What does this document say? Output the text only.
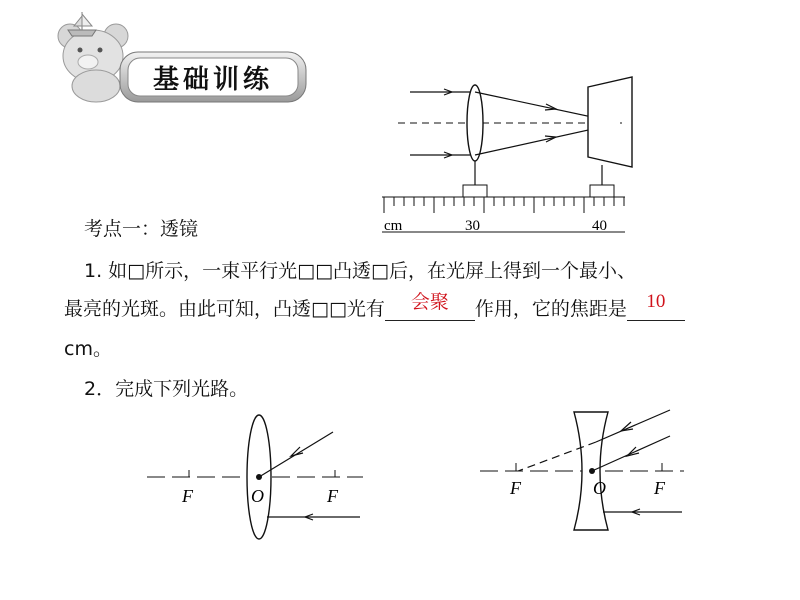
基础训练
cm	30	40
考点一：透镜
1. 如□所示，一束平行光□□凸透□后，在光屏上得到一个最小、
最亮的光斑。由此可知，凸透□□光有	会聚	作用，它的焦距是	10
cm。
2．完成下列光路。
F	O	F	F	O	F
